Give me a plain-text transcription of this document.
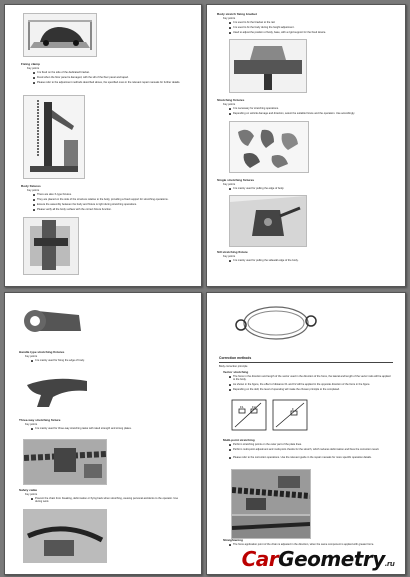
Fixing clamp
Key points
It is fixed on the side of the dedicated bracket.
Fixed when the floor panel is damaged, with the sill of the floor panel and taped.
Please refer to the adjustment methods described above, the specified ones in the relevant repair manuals for further details.
Body fixtures
Key points
There are also X-type fixtures.
They are placed on the side of the structure relative to the body, providing a fixed support for stretching operations.
Ensure the assembly between the body and fixture is tight during stretching operations.
Please verify all the body surface with the correct fixture function.
Body stretch fixing bracket
Key points
It is used to fix the bracket to the rail.
It is used to fix the body during the height adjustment.
Used to adjust the position of body, base, with a rigid support for the fixed device.
Stretching fixtures
Key points
It is necessary for stretching operations.
Depending on vehicle damage and direction, select the suitable fixture and the operation. Use accordingly.
Single stretching fixtures
Key points
It is mainly used for pulling the edge of body.
Sill stretching fixture
Key points
It is mainly used for pulling the sidewall edge of the body.
Handle type stretching fixtures
Key points
It is mainly used for fixing the edge of body.
Three-way stretching fixture
Key points
It is mainly used for three-way stretching tasks with rated strength and strong plates.
Safety cable
Key points
Prevent the chain from breaking, deformation or flying back when stretching, causing personal accidents to the operator. Use during work.
Correction methods
Body correction principle
Vector stretching
The force in the direction and length of the vector used in the direction of the force, the lateral and length of the vector ratio will be applied to the body.
As shown in the figure, the effect of distance F1 and F2 will be applied in the opposite direction of the force in the figure.
Depending on the skill, the level of operating will make the chosen principle to the completed.
F1	F2	F
Multi-point stretching
Perform stretching points on the outer part of the plate lines.
Perform multi-point adjustment and multi-point checks for the stretch, which reduces deformation and fixes the correction result.
Please refer to the correction operations. Use the relevant guide in the repair manuals for more specific operation details.
Straightening
The force application point of the chain is adjusted in the direction, when the same component is applied with greater force.
CarGeometry.ru
